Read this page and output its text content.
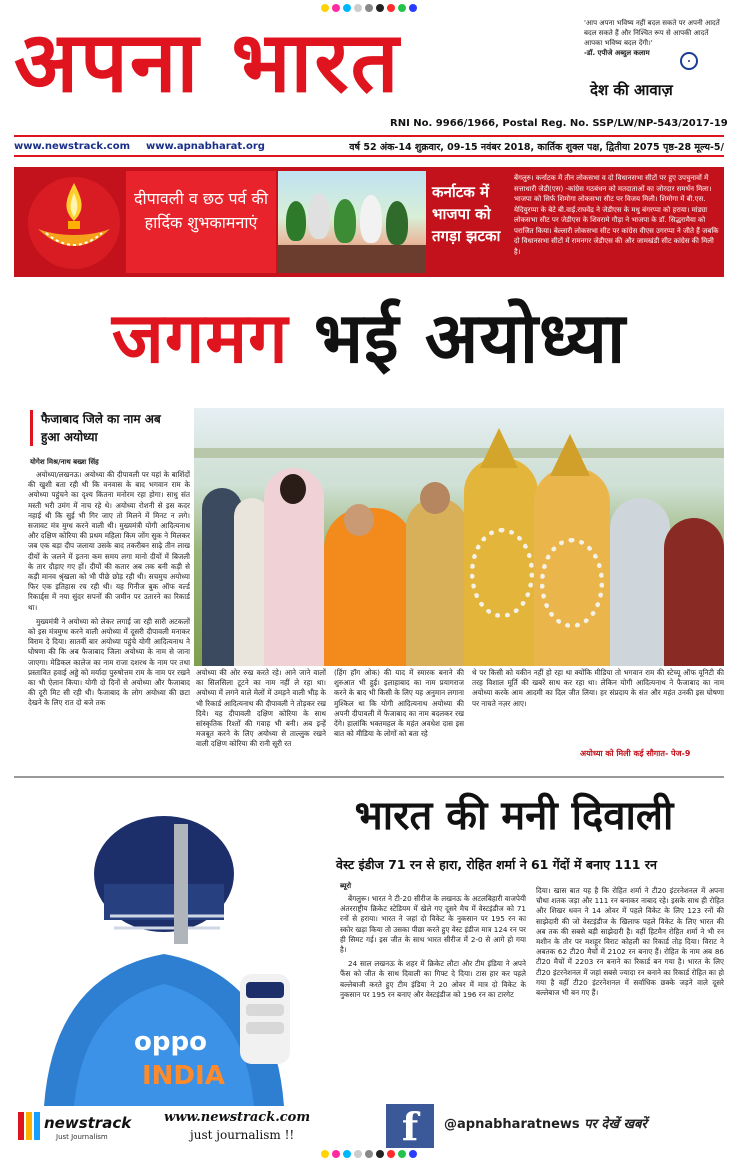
अपना भारत	'आप अपना भविष्य नहीं बदल सकते पर अपनी आदतें बदल सकते हैं और निश्चित रूप से आपकी आदतें आपका भविष्य बदल देंगी।'
-डॉ. एपीजे अब्दुल कलाम
देश की आवाज़
RNI No. 9966/1966, Postal Reg. No. SSP/LW/NP-543/2017-19
www.newstrack.com www.apnabharat.org	वर्ष 52 अंक-14 शुक्रवार, 09-15 नवंबर 2018, कार्तिक शुक्ल पक्ष, द्वितीया 2075 पृष्ठ-28 मूल्य-5/
दीपावली व छठ पर्व की हार्दिक शुभकामनाएं
कर्नाटक में भाजपा को तगड़ा झटका
बेंगलुरु। कर्नाटक में तीन लोकसभा व दो विधानसभा सीटों पर हुए उपचुनावों में सत्ताधारी जेडी(एस) -कांग्रेस गठबंधन को मतदाताओं का जोरदार समर्थन मिला। भाजपा को सिर्फ शिमोगा लोकसभा सीट पर विजय मिली। शिमोगा में बी.एस. येदियुरप्पा के बेटे बी.वाई.राघवेंद्र ने जेडीएस के मधु बंगरप्पा को हराया। मांड्या लोकसभा सीट पर जेडीएस के शिवरामे गौड़ा ने भाजपा के डॉ. सिद्धरामैया को पराजित किया। बेल्लारी लोकसभा सीट पर कांग्रेस वीएस उगरप्पा ने जीते हैं जबकि दो विधानसभा सीटों में रामनगर जेडीएस की और जामखंडी सीट कांग्रेस की मिली है।
जगमग भई अयोध्या
फैजाबाद जिले का नाम अब हुआ अयोध्या
योगेश मिश्र/नाथ बख्श सिंह

अयोध्या/लखनऊ। अयोध्या की दीपावली पर यहां के बाशिंदों की खुशी बता रही थी कि वनवास के बाद भगवान राम के अयोध्या पहुंचने का दृश्य कितना मनोरम रहा होगा। साधु संत मस्ती भरी उमंग में नाच रहे थे। अयोध्या रोशनी से इस कदर नहाई थी कि सुई भी गिर जाए तो मिलने में मिनट न लगे। सजावट मंत्र मुग्ध करने वाली थी। मुख्यमंत्री योगी आदित्यनाथ और दक्षिण कोरिया की प्रथम महिला किम जोंग सुक ने मिलकर जब एक बड़ा दीप जलाया उसके बाद तकरीबन साढ़े तीन लाख दीयों के जलने में इतना कम समय लगा मानो दीयों में बिजली के तार दौड़ाए गए हों। दीयों की कतार अब तक बनी कड़ी से कड़ी मानव श्रृंखला को भी पीछे छोड़ रही थी। सचमुच अयोध्या फिर एक इतिहास रच रही थी। यह गिनीज बुक ऑफ वर्ल्ड रिकार्ड्स में नया सुंदर सपनों की जमीन पर उतारने का रिकार्ड था।

मुख्यमंत्री ने अयोध्या को लेकर लगाई जा रही सारी अटकलों को इस मंत्रमुग्ध करने वाली अयोध्या में दूसरी दीपावली मनाकर विराम दे दिया। सातवीं बार अयोध्या पहुंचे योगी आदित्यनाथ ने घोषणा की कि अब फैजाबाद जिला अयोध्या के नाम से जाना जाएगा। मेडिकल कालेज का नाम राजा दशरथ के नाम पर तथा प्रस्तावित हवाई अड्डे को मर्यादा पुरुषोत्तम राम के नाम पर रखने का भी ऐलान किया। योगी दो दिनों से अयोध्या और फैजाबाद की दूरी मिट सी रही थी। फैजाबाद के लोग अयोध्या की छटा देखने के लिए रात दो बजे तक

अयोध्या की ओर रुख करते रहे। आने जाने वालों का सिलसिला टूटने का नाम नहीं ले रहा था। अयोध्या में लगने वाले मेलों में उमड़ने वाली भीड़ के भी रिकार्ड आदित्यनाथ की दीपावली ने तोड़कर रख दिये। यह दीपावली दक्षिण कोरिया के साथ सांस्कृतिक रिश्तों की गवाह भी बनी। अब इन्हें मजबूत करने के लिए अयोध्या से ताल्लुक रखने वाली दक्षिण कोरिया की रानी सूरी रत
(हिंग हॉग ओक) की याद में स्मारक बनाने की शुरुआत भी हुई। इलाहाबाद का नाम प्रयागराज करने के बाद भी किसी के लिए यह अनुमान लगाना मुश्किल था कि योगी आदित्यनाथ अयोध्या की अपनी दीपावली में फैजाबाद का नाम बदलकर रख देंगे। हालांकि भक्तमहल के महंत अवधेश दास इस बात को मीडिया के लोगों को बता रहे
थे पर किसी को यकीन नहीं हो रहा था क्योंकि मीडिया तो भगवान राम की स्टेच्यू ऑफ यूनिटी की तरह विशाल मूर्ति की खबरें साथ कर रहा था। लेकिन योगी आदित्यनाथ ने फैजाबाद का नाम अयोध्या करके आम आदमी का दिल जीत लिया। हर संप्रदाय के संत और महंत उनकी इस घोषणा पर नाचते नज़र आए।
अयोध्या को मिली कई सौगात- पेज-9
oppo
INDIA
भारत की मनी दिवाली
वेस्ट इंडीज 71 रन से हारा, रोहित शर्मा ने 61 गेंदों में बनाए 111 रन
ब्यूरो

बेंगलुरू। भारत ने टी-20 सीरीज के लखनऊ के अटलबिहारी वाजपेयी अंतरराष्ट्रीय क्रिकेट स्टेडियम में खेले गए दूसरे मैच में वेस्टइंडीज को 71 रनों से हराया। भारत ने जहां दो विकेट के नुकसान पर 195 रन का स्कोर खड़ा किया तो उसका पीछा करते हुए वेस्ट इंडीज मात्र 124 रन पर ही सिमट गई। इस जीत के साथ भारत सीरीज में 2-0 से आगे हो गया है।

24 साल लखनऊ के शहर में क्रिकेट लौटा और टीम इंडिया ने अपने फैंस को जीत के साथ दिवाली का गिफ्ट दे दिया। टास हार कर पहले बल्लेबाजी करते हुए टीम इंडिया ने 20 ओवर में मात्र दो विकेट के नुकसान पर 195 रन बनाए और वेस्टइंडीज को 196 रन का टारगेट

दिया। खास बात यह है कि रोहित शर्मा ने टी20 इंटरनेशनल में अपना चौथा शतक जड़ा और 111 रन बनाकर नाबाद रहे। इसके साथ ही रोहित और शिखर धवन ने 14 ओवर में पहले विकेट के लिए 123 रनों की साझेदारी की जो वेस्टइंडीज के खिलाफ पहले विकेट के लिए भारत की अब तक की सबसे बड़ी साझेदारी है। वहीं हिटमैन रोहित शर्मा ने भी रन मशीन के तौर पर मशहूर विराट कोहली का रिकार्ड तोड़ दिया। विराट ने अबतक 62 टी20 मैचों में 2102 रन बनाए हैं। रोहित के नाम अब 86 टी20 मैचों में 2203 रन बनाने का रिकार्ड बन गया है। भारत के लिए टी20 इंटरनेशनल में जहां सबसे ज्यादा रन बनाने का रिकार्ड रोहित का हो गया है वहीं टी20 इंटरनेशनल में सर्वाधिक छक्के जड़ने वाले दूसरे बल्लेबाज भी बन गए हैं।
newstrack
Just Journalism
www.newstrack.com
just journalism !!	f	@apnabharatnews पर देखें खबरें
